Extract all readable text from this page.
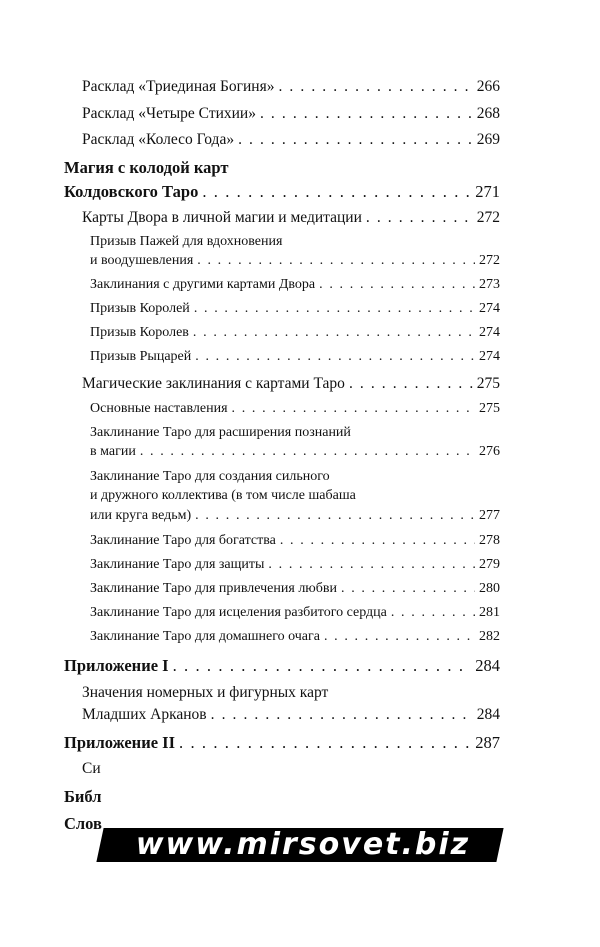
Расклад «Триединая Богиня» . . .	266
Расклад «Четыре Стихии» . . .	268
Расклад «Колесо Года» . . .	269
Магия с колодой карт
Колдовского Таро . . .	271
Карты Двора в личной магии и медитации . . .	272
Призыв Пажей для вдохновения
и воодушевления . . .	272
Заклинания с другими картами Двора . . .	273
Призыв Королей . . .	274
Призыв Королев . . .	274
Призыв Рыцарей . . .	274
Магические заклинания с картами Таро . . .	275
Основные наставления . . .	275
Заклинание Таро для расширения познаний
в магии . . .	276
Заклинание Таро для создания сильного
и дружного коллектива (в том числе шабаша
или круга ведьм) . . .	277
Заклинание Таро для богатства . . .	278
Заклинание Таро для защиты . . .	279
Заклинание Таро для привлечения любви . . .	280
Заклинание Таро для исцеления разбитого сердца . . .	281
Заклинание Таро для домашнего очага . . .	282
Приложение I . . .	284
Значения номерных и фигурных карт
Младших Арканов . . .	284
Приложение II . . .	287
Си
Библ
Слов
www.mirsovet.biz
